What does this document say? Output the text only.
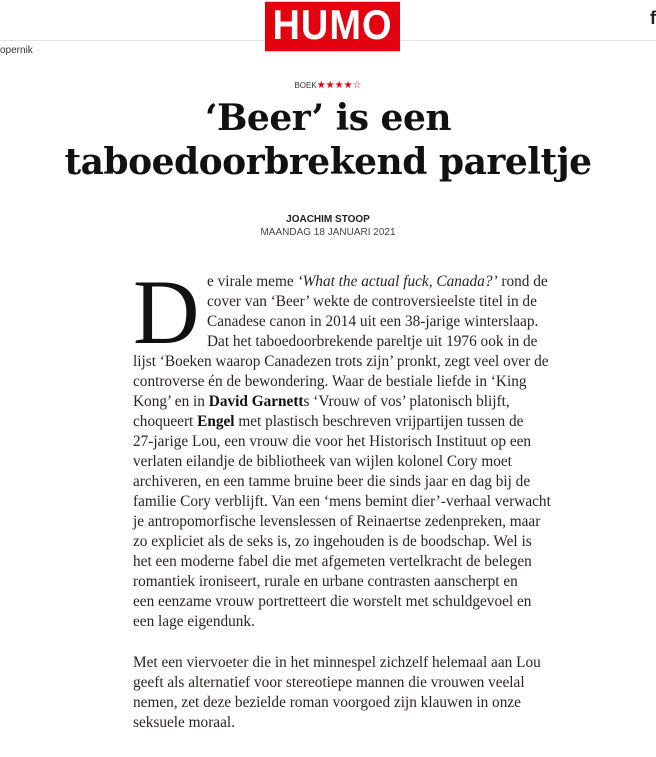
HUMO	f
opernik
BOEK★★★★☆
‘Beer’ is een taboedoorbrekend pareltje
JOACHIM STOOP
MAANDAG 18 JANUARI 2021
D e virale meme ‘What the actual fuck, Canada?’ rond de
cover van ‘Beer’ wekte de controversieelste titel in de
Canadese canon in 2014 uit een 38-jarige winterslaap.
Dat het taboedoorbrekende pareltje uit 1976 ook in de
lijst ‘Boeken waarop Canadezen trots zijn’ pronkt, zegt veel over de
controverse én de bewondering. Waar de bestiale liefde in ‘King
Kong’ en in David Garnetts ‘Vrouw of vos’ platonisch blijft,
choqueert Engel met plastisch beschreven vrijpartijen tussen de
27-jarige Lou, een vrouw die voor het Historisch Instituut op een
verlaten eilandje de bibliotheek van wijlen kolonel Cory moet
archiveren, en een tamme bruine beer die sinds jaar en dag bij de
familie Cory verblijft. Van een ‘mens bemint dier’-verhaal verwacht
je antropomorfische levenslessen of Reinaertse zedenpreken, maar
zo expliciet als de seks is, zo ingehouden is de boodschap. Wel is
het een moderne fabel die met afgemeten vertelkracht de belegen
romantiek ironiseert, rurale en urbane contrasten aanscherpt en
een eenzame vrouw portretteert die worstelt met schuldgevoel en
een lage eigendunk.
Met een viervoeter die in het minnespel zichzelf helemaal aan Lou
geeft als alternatief voor stereotiepe mannen die vrouwen veelal
nemen, zet deze bezielde roman voorgoed zijn klauwen in onze
seksuele moraal.
